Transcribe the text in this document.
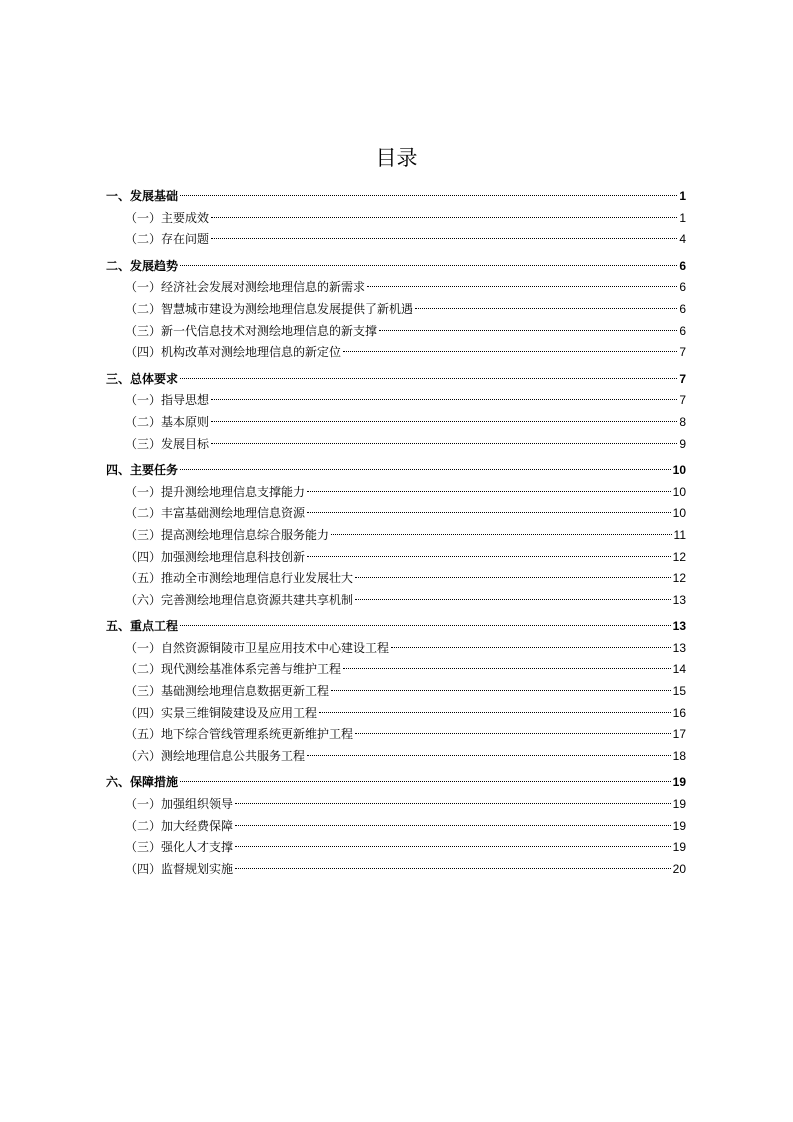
目录
一、发展基础	1
（一）主要成效	1
（二）存在问题	4
二、发展趋势	6
（一）经济社会发展对测绘地理信息的新需求	6
（二）智慧城市建设为测绘地理信息发展提供了新机遇	6
（三）新一代信息技术对测绘地理信息的新支撑	6
（四）机构改革对测绘地理信息的新定位	7
三、总体要求	7
（一）指导思想	7
（二）基本原则	8
（三）发展目标	9
四、主要任务	10
（一）提升测绘地理信息支撑能力	10
（二）丰富基础测绘地理信息资源	10
（三）提高测绘地理信息综合服务能力	11
（四）加强测绘地理信息科技创新	12
（五）推动全市测绘地理信息行业发展壮大	12
（六）完善测绘地理信息资源共建共享机制	13
五、重点工程	13
（一）自然资源铜陵市卫星应用技术中心建设工程	13
（二）现代测绘基准体系完善与维护工程	14
（三）基础测绘地理信息数据更新工程	15
（四）实景三维铜陵建设及应用工程	16
（五）地下综合管线管理系统更新维护工程	17
（六）测绘地理信息公共服务工程	18
六、保障措施	19
（一）加强组织领导	19
（二）加大经费保障	19
（三）强化人才支撑	19
（四）监督规划实施	20
